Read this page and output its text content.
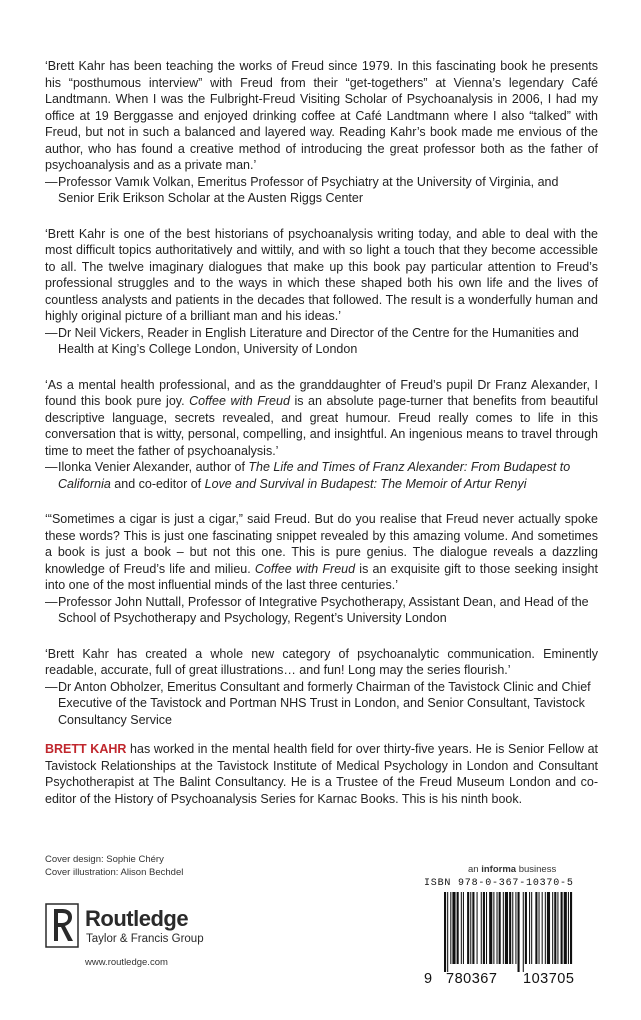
‘Brett Kahr has been teaching the works of Freud since 1979. In this fascinating book he presents his “posthumous interview” with Freud from their “get-togethers” at Vienna’s legendary Café Landtmann. When I was the Fulbright-Freud Visiting Scholar of Psychoanalysis in 2006, I had my office at 19 Berggasse and enjoyed drinking coffee at Café Landtmann where I also “talked” with Freud, but not in such a balanced and layered way. Reading Kahr’s book made me envious of the author, who has found a creative method of introducing the great professor both as the father of psychoanalysis and as a private man.’

—Professor Vamık Volkan, Emeritus Professor of Psychiatry at the University of Virginia, and Senior Erik Erikson Scholar at the Austen Riggs Center

‘Brett Kahr is one of the best historians of psychoanalysis writing today, and able to deal with the most difficult topics authoritatively and wittily, and with so light a touch that they become accessible to all. The twelve imaginary dialogues that make up this book pay particular attention to Freud’s professional struggles and to the ways in which these shaped both his own life and the lives of countless analysts and patients in the decades that followed. The result is a wonderfully human and highly original picture of a brilliant man and his ideas.’

—Dr Neil Vickers, Reader in English Literature and Director of the Centre for the Humanities and Health at King’s College London, University of London

‘As a mental health professional, and as the granddaughter of Freud’s pupil Dr Franz Alexander, I found this book pure joy. Coffee with Freud is an absolute page-turner that benefits from beautiful descriptive language, secrets revealed, and great humour. Freud really comes to life in this conversation that is witty, personal, compelling, and insightful. An ingenious means to travel through time to meet the father of psychoanalysis.’

—Ilonka Venier Alexander, author of The Life and Times of Franz Alexander: From Budapest to California and co-editor of Love and Survival in Budapest: The Memoir of Artur Renyi

‘“Sometimes a cigar is just a cigar,” said Freud. But do you realise that Freud never actually spoke these words? This is just one fascinating snippet revealed by this amazing volume. And sometimes a book is just a book – but not this one. This is pure genius. The dialogue reveals a dazzling knowledge of Freud’s life and milieu. Coffee with Freud is an exquisite gift to those seeking insight into one of the most influential minds of the last three centuries.’

—Professor John Nuttall, Professor of Integrative Psychotherapy, Assistant Dean, and Head of the School of Psychotherapy and Psychology, Regent’s University London

‘Brett Kahr has created a whole new category of psychoanalytic communication. Eminently readable, accurate, full of great illustrations… and fun! Long may the series flourish.’

—Dr Anton Obholzer, Emeritus Consultant and formerly Chairman of the Tavistock Clinic and Chief Executive of the Tavistock and Portman NHS Trust in London, and Senior Consultant, Tavistock Consultancy Service

BRETT KAHR has worked in the mental health field for over thirty-five years. He is Senior Fellow at Tavistock Relationships at the Tavistock Institute of Medical Psychology in London and Consultant Psychotherapist at The Balint Consultancy. He is a Trustee of the Freud Museum London and co-editor of the History of Psychoanalysis Series for Karnac Books. This is his ninth book.

Cover design: Sophie Chéry
Cover illustration: Alison Bechdel
Routledge
Taylor & Francis Group
www.routledge.com
an informa business
ISBN 978-0-367-10370-5
9 780367 103705
